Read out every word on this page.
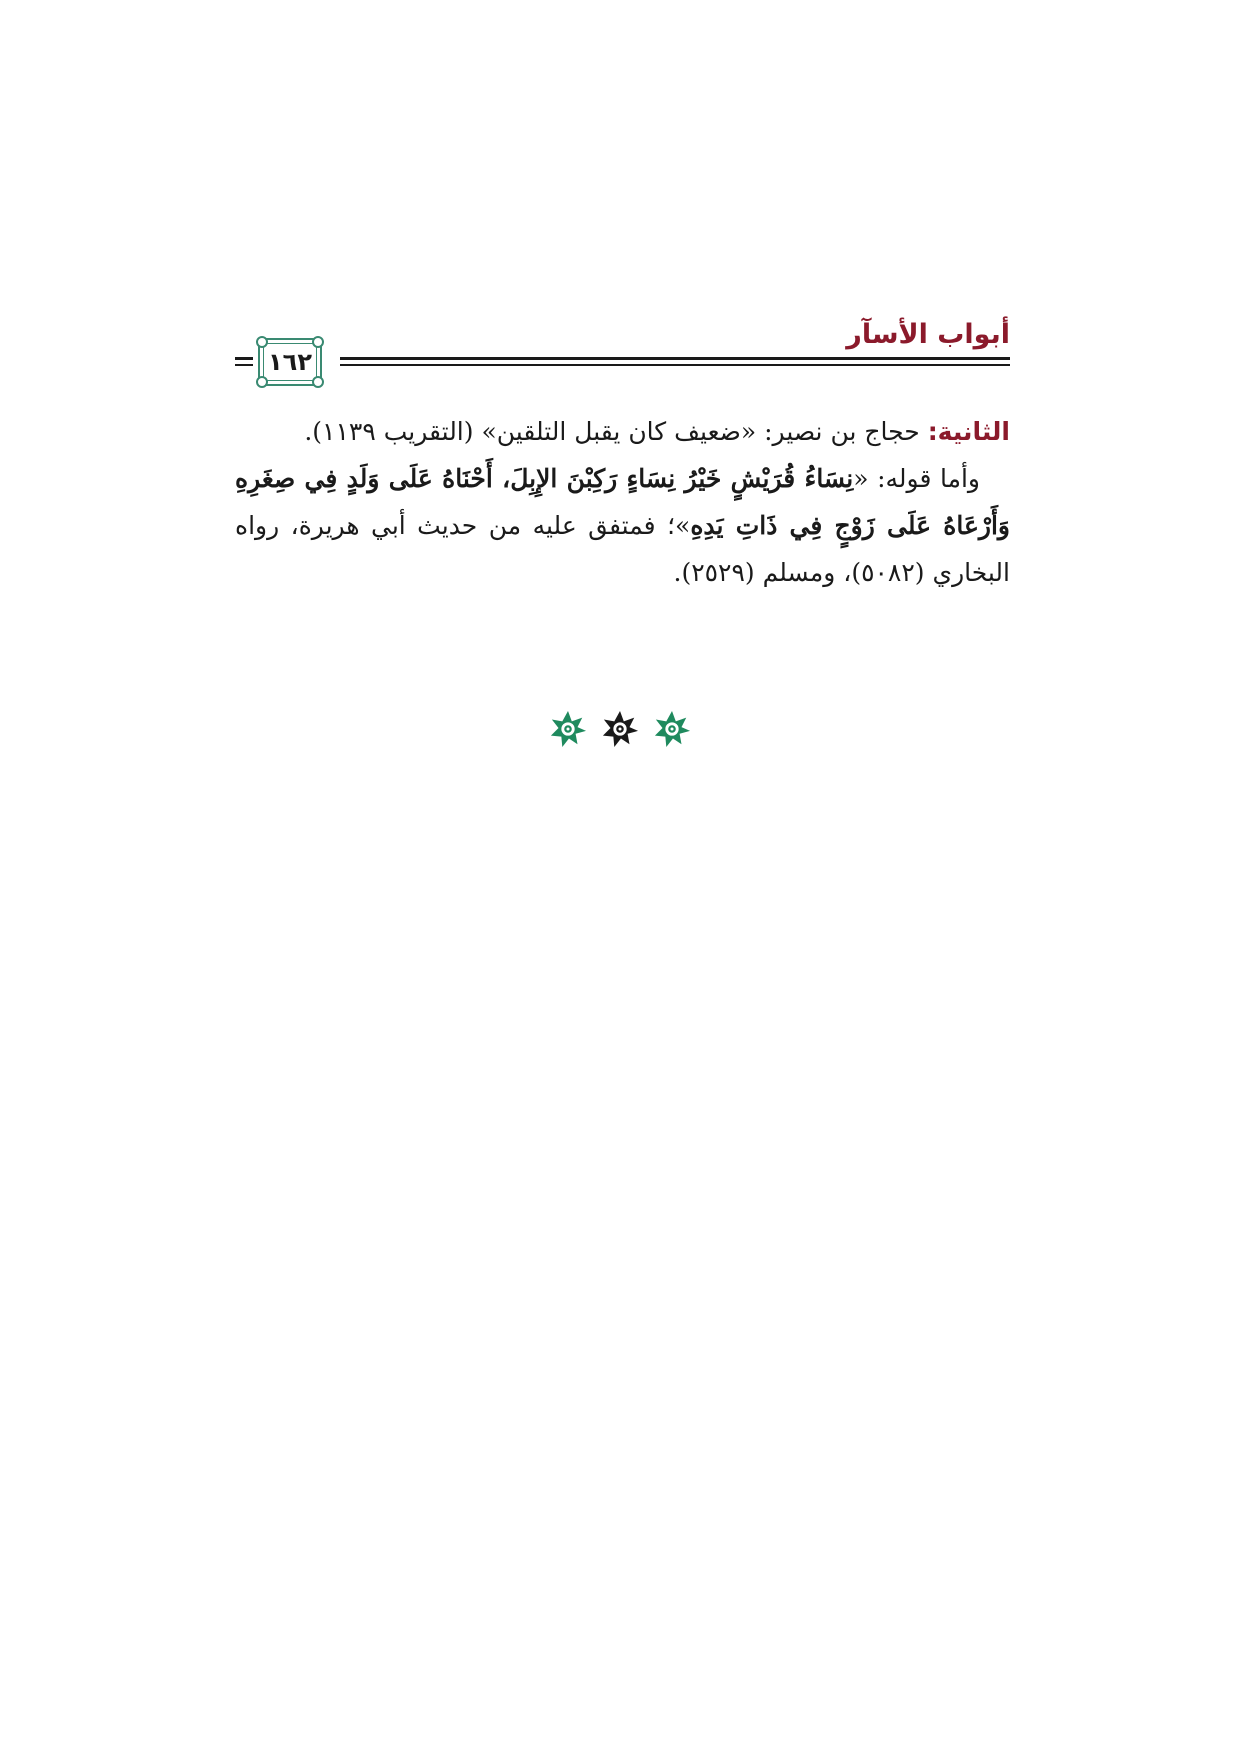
أبواب الأسآر
١٦٢

الثانية: حجاج بن نصير: «ضعيف كان يقبل التلقين» (التقريب ١١٣٩).

وأما قوله: «نِسَاءُ قُرَيْشٍ خَيْرُ نِسَاءٍ رَكِبْنَ الإِبِلَ، أَحْنَاهُ عَلَى وَلَدٍ فِي صِغَرِهِ وَأَرْعَاهُ عَلَى زَوْجٍ فِي ذَاتِ يَدِهِ»؛ فمتفق عليه من حديث أبي هريرة، رواه البخاري (٥٠٨٢)، ومسلم (٢٥٢٩).
